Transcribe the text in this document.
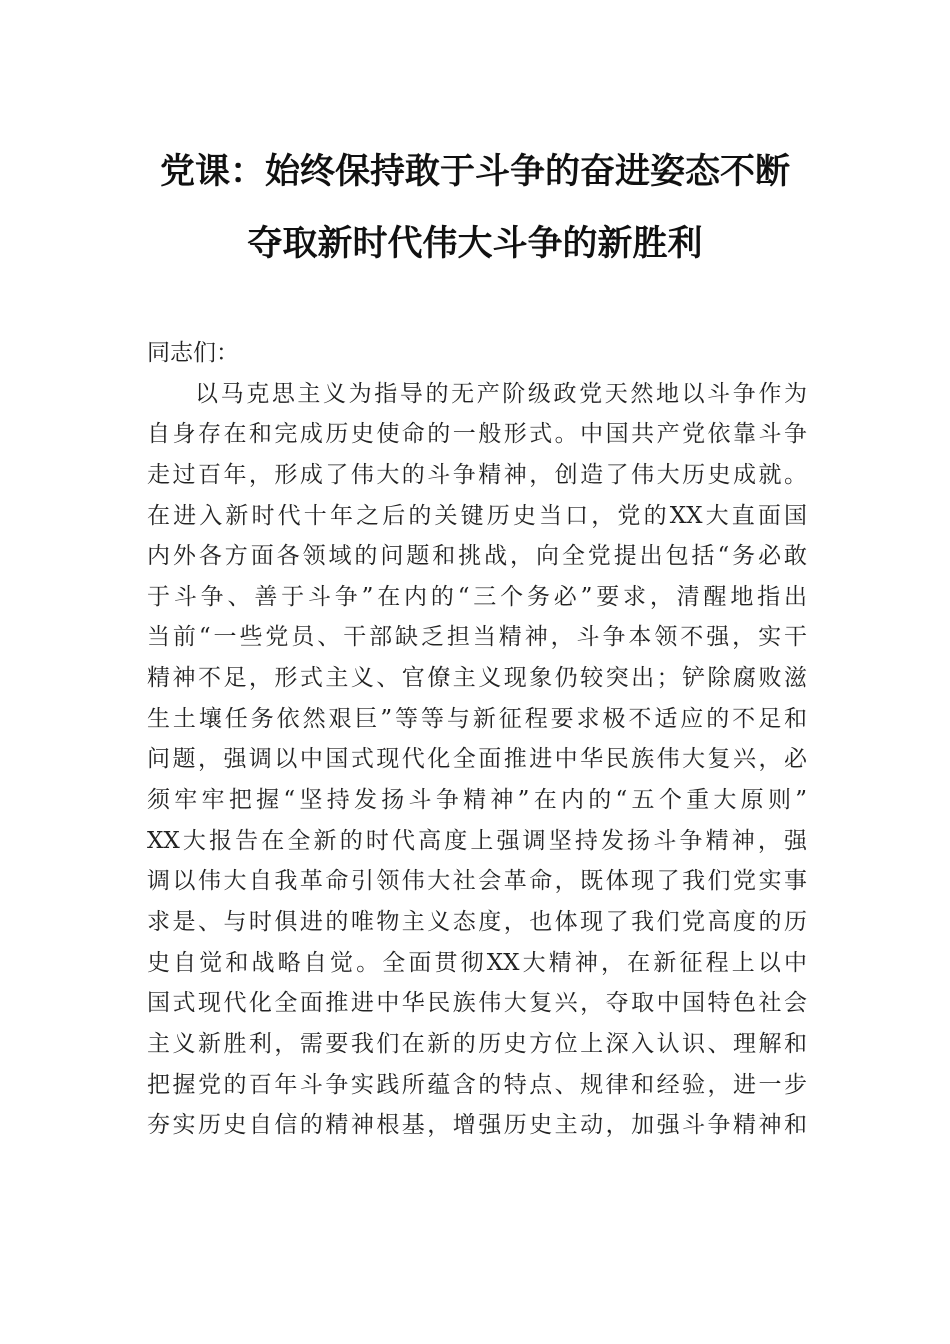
党课：始终保持敢于斗争的奋进姿态不断
夺取新时代伟大斗争的新胜利
同志们：
以马克思主义为指导的无产阶级政党天然地以斗争作为
自身存在和完成历史使命的一般形式。中国共产党依靠斗争
走过百年，形成了伟大的斗争精神，创造了伟大历史成就。
在进入新时代十年之后的关键历史当口，党的XX大直面国
内外各方面各领域的问题和挑战，向全党提出包括“务必敢
于斗争、善于斗争”在内的“三个务必”要求，清醒地指出
当前“一些党员、干部缺乏担当精神，斗争本领不强，实干
精神不足，形式主义、官僚主义现象仍较突出；铲除腐败滋
生土壤任务依然艰巨”等等与新征程要求极不适应的不足和
问题，强调以中国式现代化全面推进中华民族伟大复兴，必
须牢牢把握“坚持发扬斗争精神”在内的“五个重大原则”
XX大报告在全新的时代高度上强调坚持发扬斗争精神，强
调以伟大自我革命引领伟大社会革命，既体现了我们党实事
求是、与时俱进的唯物主义态度，也体现了我们党高度的历
史自觉和战略自觉。全面贯彻XX大精神，在新征程上以中
国式现代化全面推进中华民族伟大复兴，夺取中国特色社会
主义新胜利，需要我们在新的历史方位上深入认识、理解和
把握党的百年斗争实践所蕴含的特点、规律和经验，进一步
夯实历史自信的精神根基，增强历史主动，加强斗争精神和
